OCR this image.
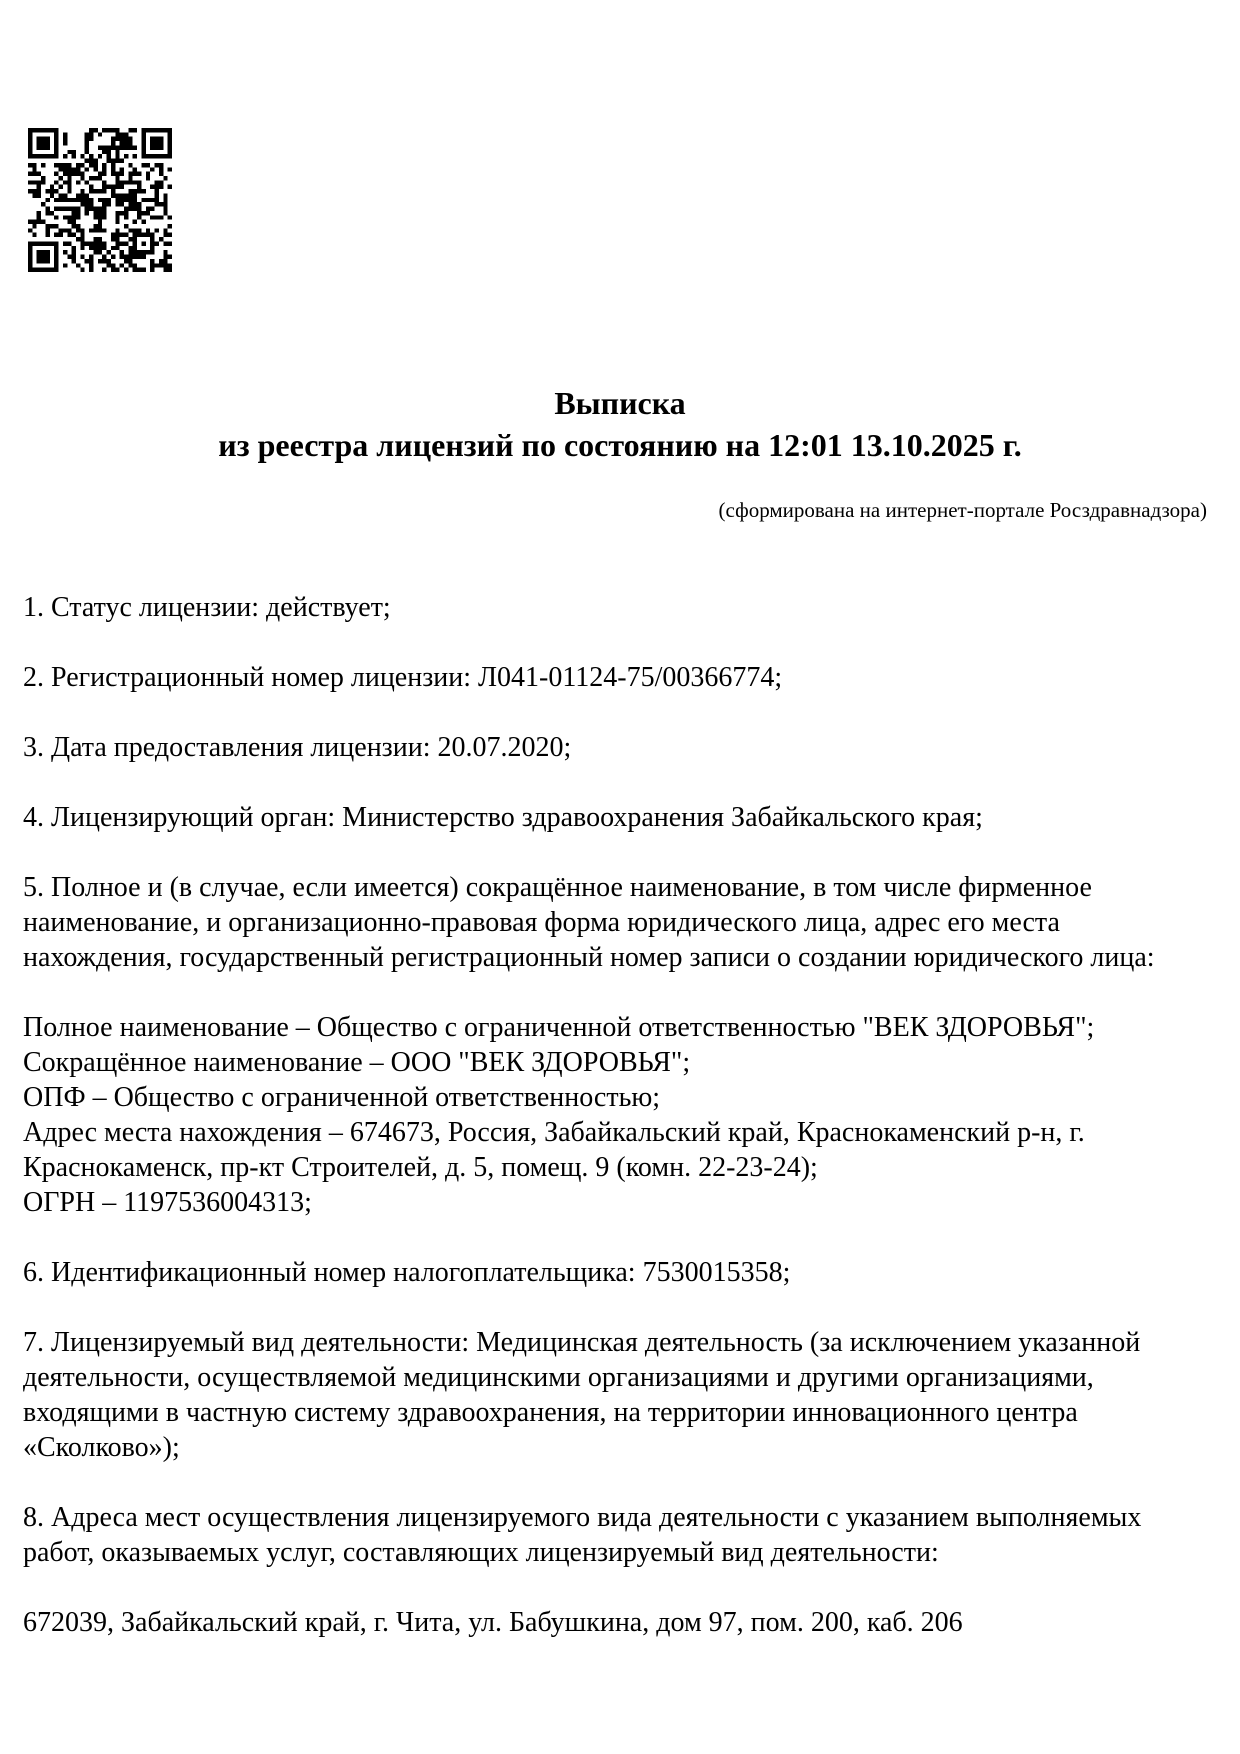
Выписка
из реестра лицензий по состоянию на 12:01 13.10.2025 г.
(сформирована на интернет-портале Росздравнадзора)

1. Статус лицензии: действует;

2. Регистрационный номер лицензии: Л041-01124-75/00366774;

3. Дата предоставления лицензии: 20.07.2020;

4. Лицензирующий орган: Министерство здравоохранения Забайкальского края;

5. Полное и (в случае, если имеется) сокращённое наименование, в том числе фирменное
наименование, и организационно-правовая форма юридического лица, адрес его места
нахождения, государственный регистрационный номер записи о создании юридического лица:

Полное наименование – Общество с ограниченной ответственностью "ВЕК ЗДОРОВЬЯ";
Сокращённое наименование – ООО "ВЕК ЗДОРОВЬЯ";
ОПФ – Общество с ограниченной ответственностью;
Адрес места нахождения – 674673, Россия, Забайкальский край, Краснокаменский р-н, г.
Краснокаменск, пр-кт Строителей, д. 5, помещ. 9 (комн. 22-23-24);
ОГРН – 1197536004313;

6. Идентификационный номер налогоплательщика: 7530015358;

7. Лицензируемый вид деятельности: Медицинская деятельность (за исключением указанной
деятельности, осуществляемой медицинскими организациями и другими организациями,
входящими в частную систему здравоохранения, на территории инновационного центра
«Сколково»);

8. Адреса мест осуществления лицензируемого вида деятельности с указанием выполняемых
работ, оказываемых услуг, составляющих лицензируемый вид деятельности:

672039, Забайкальский край, г. Чита, ул. Бабушкина, дом 97, пом. 200, каб. 206
